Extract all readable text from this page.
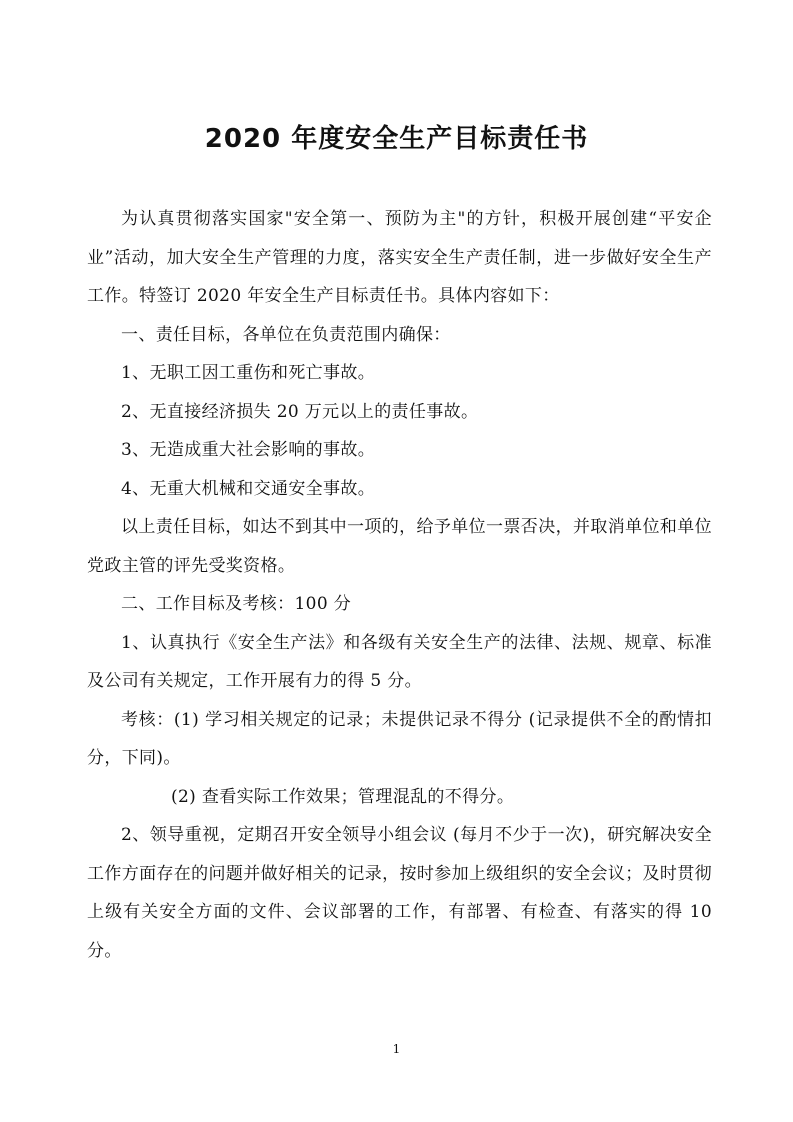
2020 年度安全生产目标责任书

为认真贯彻落实国家"安全第一、预防为主"的方针，积极开展创建“平安企业”活动，加大安全生产管理的力度，落实安全生产责任制，进一步做好安全生产工作。特签订 2020 年安全生产目标责任书。具体内容如下：

一、责任目标，各单位在负责范围内确保：

1、无职工因工重伤和死亡事故。

2、无直接经济损失 20 万元以上的责任事故。

3、无造成重大社会影响的事故。

4、无重大机械和交通安全事故。

以上责任目标，如达不到其中一项的，给予单位一票否决，并取消单位和单位党政主管的评先受奖资格。

二、工作目标及考核：100 分

1、认真执行《安全生产法》和各级有关安全生产的法律、法规、规章、标准及公司有关规定，工作开展有力的得 5 分。

考核：(1) 学习相关规定的记录；未提供记录不得分 (记录提供不全的酌情扣分，下同)。

(2) 查看实际工作效果；管理混乱的不得分。

2、领导重视，定期召开安全领导小组会议 (每月不少于一次)，研究解决安全工作方面存在的问题并做好相关的记录，按时参加上级组织的安全会议；及时贯彻上级有关安全方面的文件、会议部署的工作，有部署、有检查、有落实的得 10 分。

1
